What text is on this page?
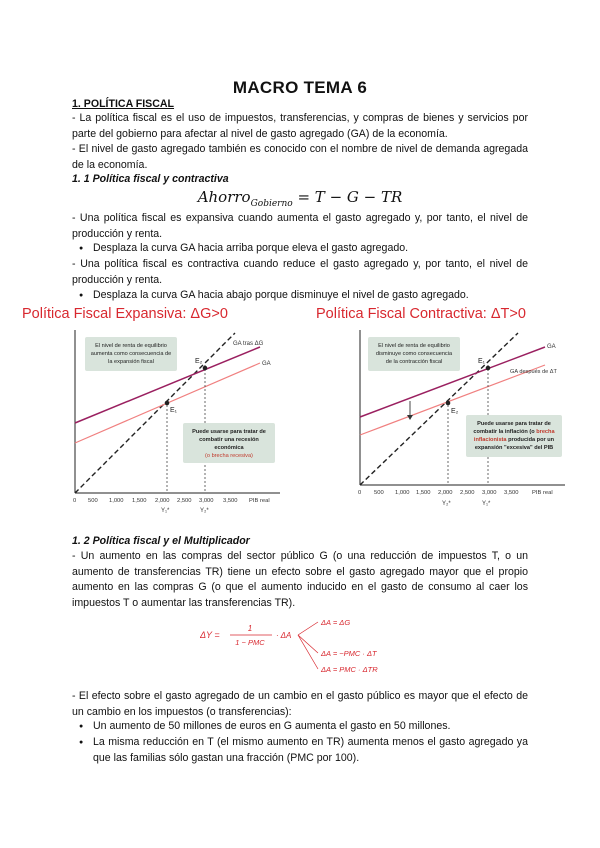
MACRO TEMA 6
1. POLÍTICA FISCAL
- La política fiscal es el uso de impuestos, transferencias, y compras de bienes y servicios por parte del gobierno para afectar al nivel de gasto agregado (GA) de la economía.
- El nivel de gasto agregado también es conocido con el nombre de nivel de demanda agregada de la economía.
1. 1 Política fiscal y contractiva
Ahorro$_{Gobierno}$ = T − G − TR
- Una política fiscal es expansiva cuando aumenta el gasto agregado y, por tanto, el nivel de producción y renta.
● Desplaza la curva GA hacia arriba porque eleva el gasto agregado.
- Una política fiscal es contractiva cuando reduce el gasto agregado y, por tanto, el nivel de producción y renta.
● Desplaza la curva GA hacia abajo porque disminuye el nivel de gasto agregado.
Política Fiscal Expansiva: ΔG>0	Política Fiscal Contractiva: ΔT>0
E₁
E₂
GA tras ΔG
GA
El nivel de renta de equilibrio
aumenta como consecuencia de
la expansión fiscal
Puede usarse para tratar de
combatir una recesión
económica
(o brecha recesiva)
0 500 1,000 1,500 2,000 2,500 3,000 3,500 PIB real
Y₁*	Y₂*
E₁
E₂
GA
GA después de ΔT
El nivel de renta de equilibrio
disminuye como consecuencia
de la contracción fiscal
Puede usarse para tratar de
combatir la inflación (o brecha
inflacionista producida por un
expansión "excesiva" del PIB
0 500 1,000 1,500 2,000 2,500 3,000 3,500 PIB real
Y₂*	Y₁*
1. 2 Política fiscal y el Multiplicador
- Un aumento en las compras del sector público G (o una reducción de impuestos T, o un aumento de transferencias TR) tiene un efecto sobre el gasto agregado mayor que el propio aumento en las compras G (o que el aumento inducido en el gasto de consumo al caer los impuestos T o aumentar las transferencias TR).
ΔY =
1
1 − PMC
· ΔA
ΔA = ΔG
ΔA = −PMC · ΔT
ΔA = PMC · ΔTR
- El efecto sobre el gasto agregado de un cambio en el gasto público es mayor que el efecto de un cambio en los impuestos (o transferencias):
● Un aumento de 50 millones de euros en G aumenta el gasto en 50 millones.
● La misma reducción en T (el mismo aumento en TR) aumenta menos el gasto agregado ya que las familias sólo gastan una fracción (PMC por 100).
